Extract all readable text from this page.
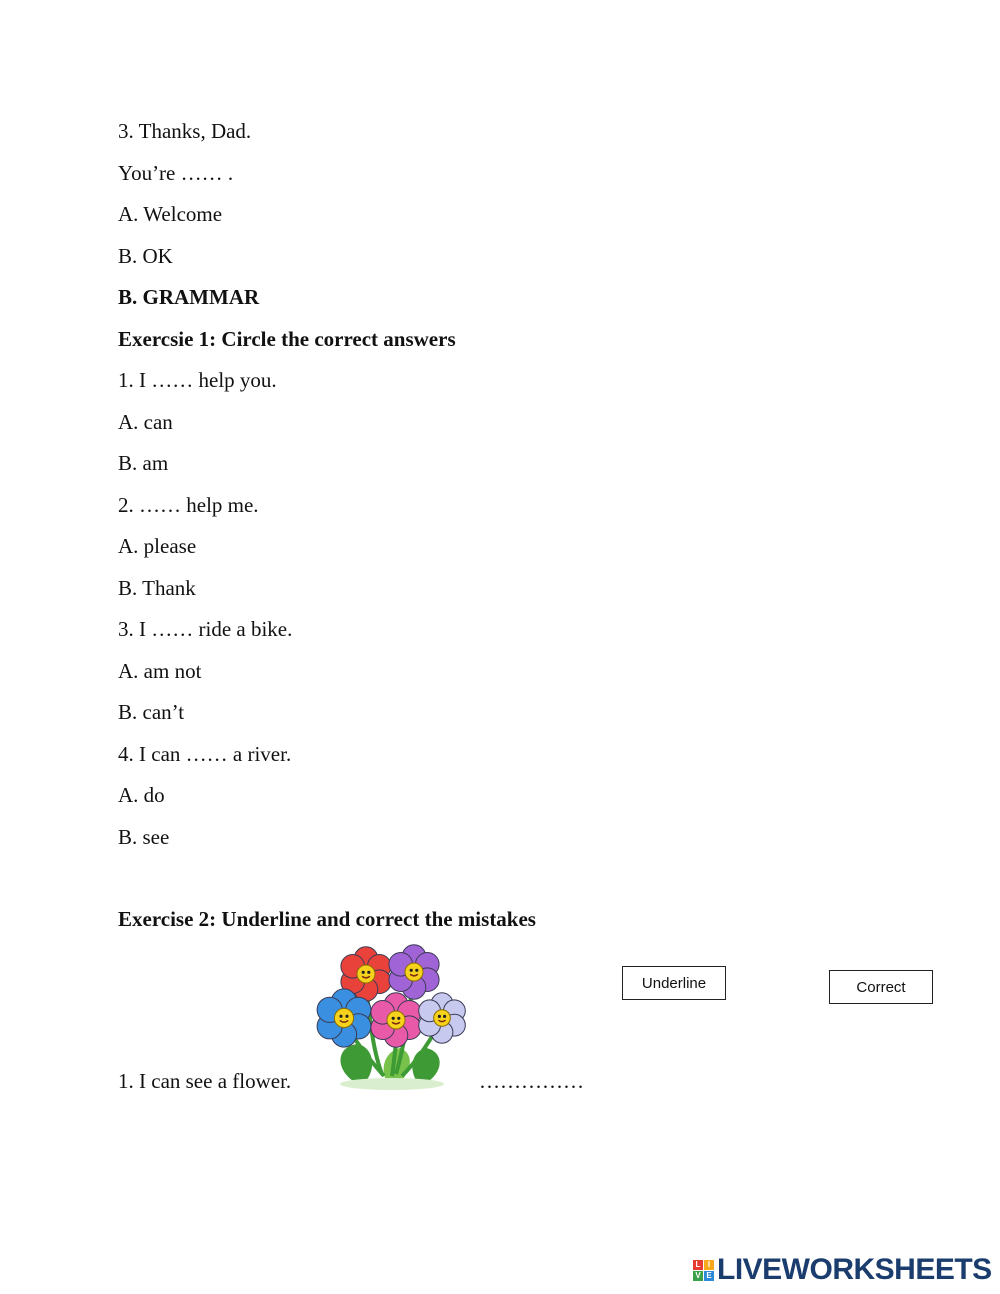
3. Thanks, Dad.
You’re …… .
A. Welcome
B. OK
B. GRAMMAR
Exercsie 1: Circle the correct answers
1. I …… help you.
A. can
B. am
2. …… help me.
A. please
B. Thank
3. I …… ride a bike.
A. am not
B. can’t
4. I can …… a river.
A. do
B. see
Exercise 2: Underline and correct the mistakes
Underline	Correct
1. I can see a flower.	……………
L I
V E LIVEWORKSHEETS
